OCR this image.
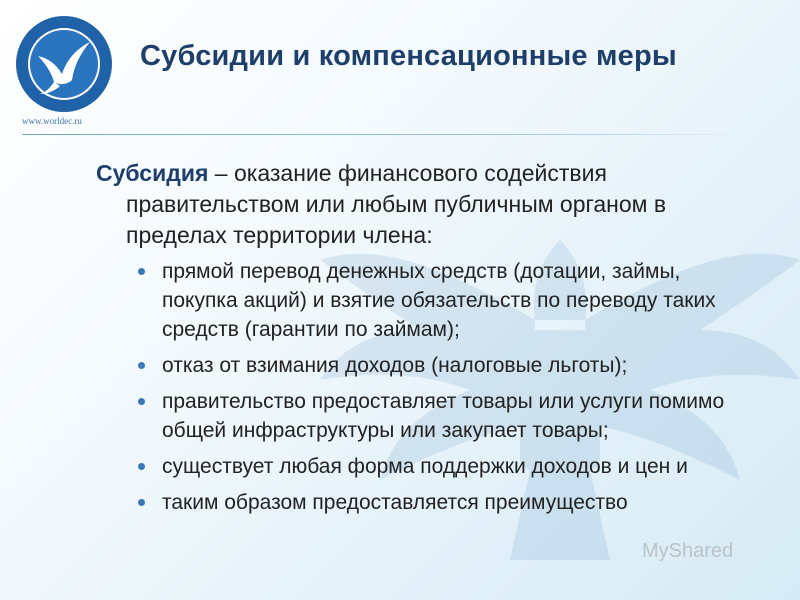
www.worldec.ru
Субсидии и компенсационные меры

Субсидия – оказание финансового содействия правительством или любым публичным органом в пределах территории члена:

прямой перевод денежных средств (дотации, займы, покупка акций) и взятие обязательств по переводу таких средств (гарантии по займам);
отказ от взимания доходов (налоговые льготы);
правительство предоставляет товары или услуги помимо общей инфраструктуры или закупает товары;
существует любая форма поддержки доходов и цен и
таким образом предоставляется преимущество
MyShared
